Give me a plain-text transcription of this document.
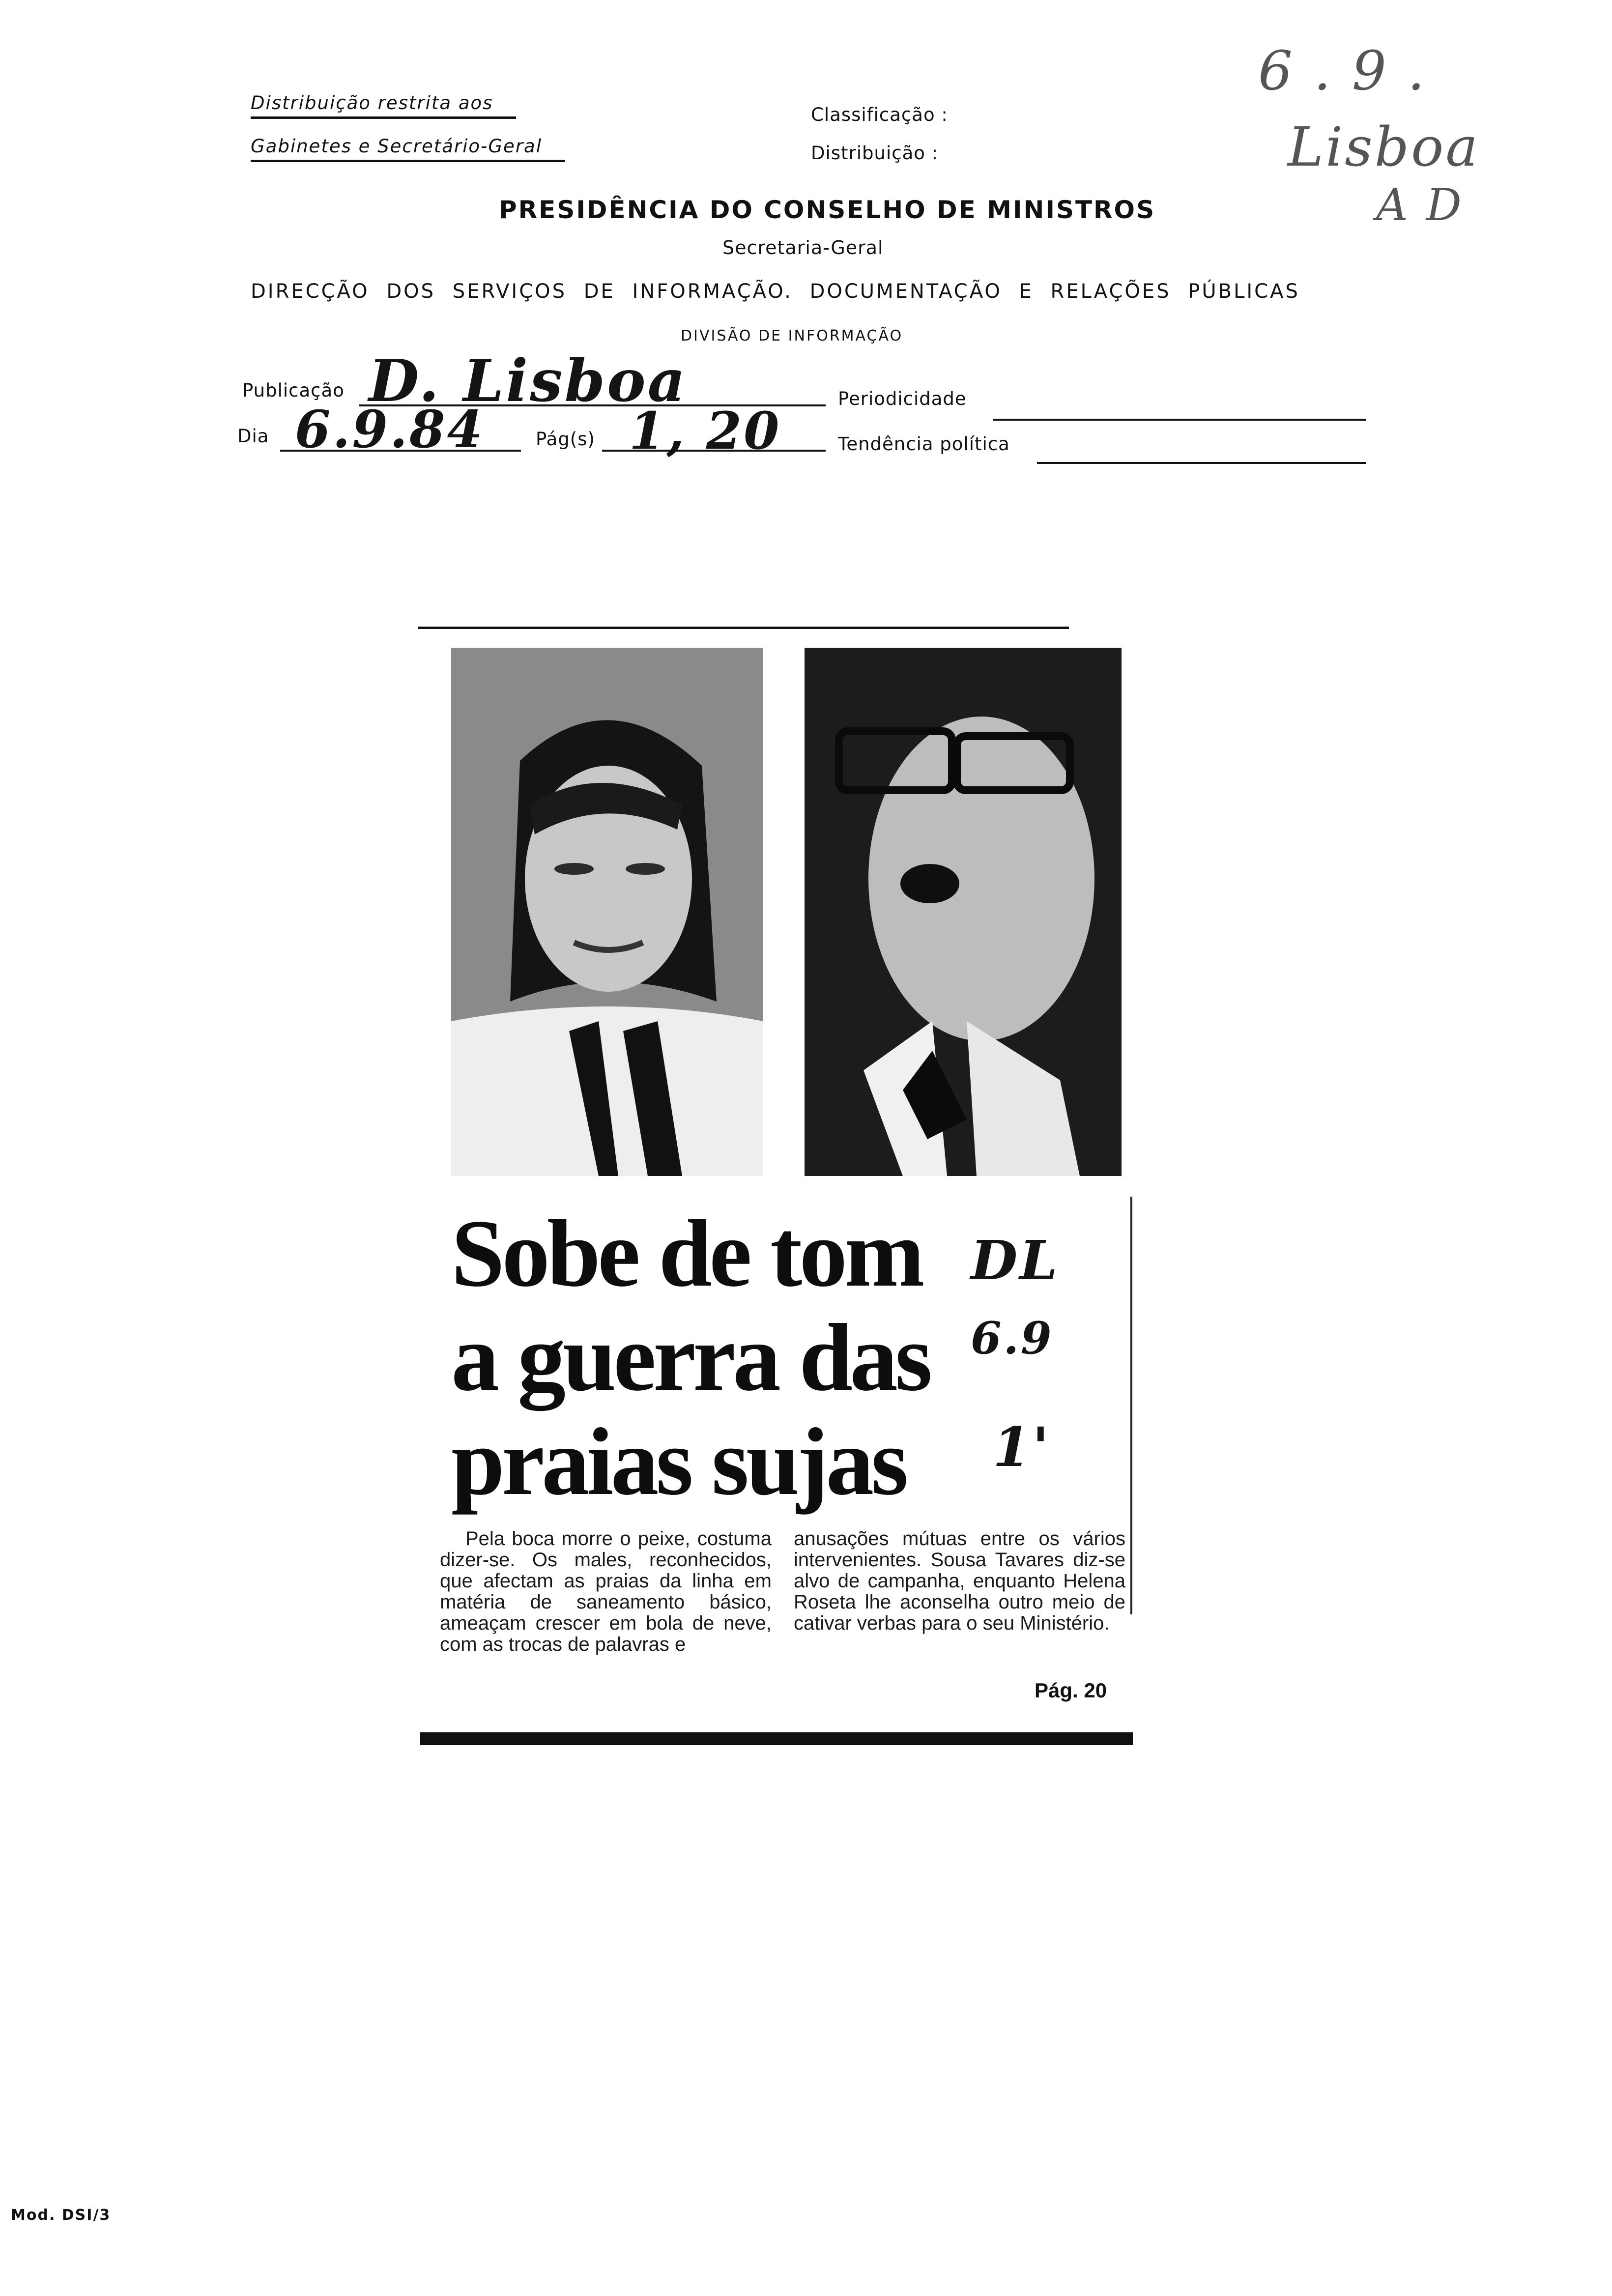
Distribuição restrita aos
Gabinetes e Secretário-Geral
Classificação :
Distribuição :
6 . 9 .
Lisboa
A D
PRESIDÊNCIA DO CONSELHO DE MINISTROS
Secretaria-Geral
DIRECÇÃO DOS SERVIÇOS DE INFORMAÇÃO. DOCUMENTAÇÃO E RELAÇÕES PÚBLICAS
DIVISÃO DE INFORMAÇÃO
Publicação D. Lisboa	Periodicidade
Dia 6.9.84	Pág(s) 1, 20	Tendência política
Sobe de tom
a guerra das
praias sujas
DL
6.9
1'
Pela boca morre o peixe, costuma dizer-se. Os males, reconhecidos, que afectam as praias da linha em matéria de saneamento básico, ameaçam crescer em bola de neve, com as trocas de palavras e
anusações mútuas entre os vários intervenientes. Sousa Tavares diz-se alvo de campanha, enquanto Helena Roseta lhe aconselha outro meio de cativar verbas para o seu Ministério.
Pág. 20
Mod. DSI/3
